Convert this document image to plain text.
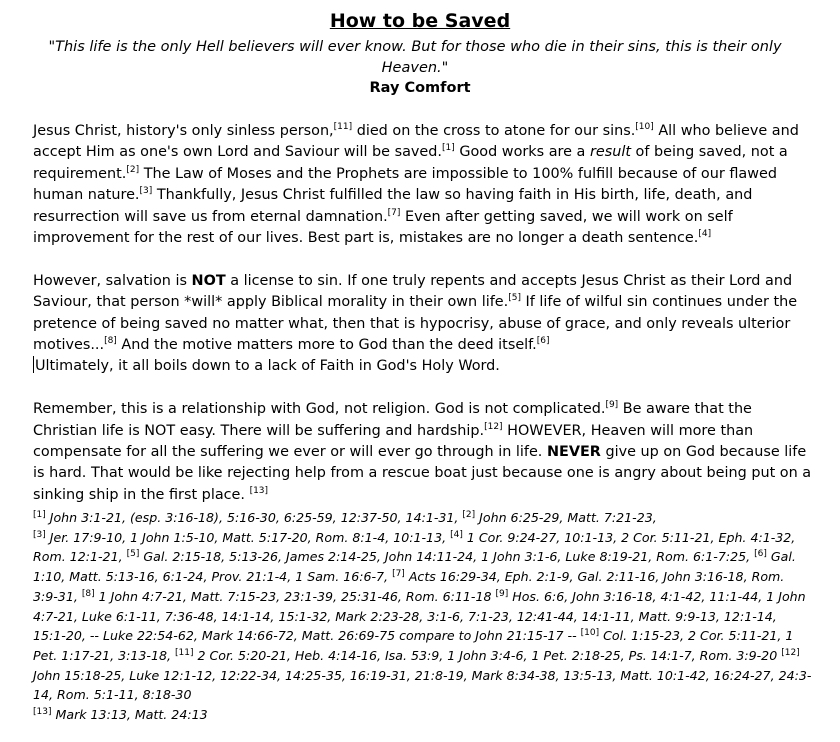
How to be Saved
"This life is the only Hell believers will ever know. But for those who die in their sins, this is their only Heaven."
Ray Comfort

Jesus Christ, history's only sinless person,[11] died on the cross to atone for our sins.[10] All who believe and accept Him as one's own Lord and Saviour will be saved.[1] Good works are a result of being saved, not a requirement.[2] The Law of Moses and the Prophets are impossible to 100% fulfill because of our flawed human nature.[3] Thankfully, Jesus Christ fulfilled the law so having faith in His birth, life, death, and resurrection will save us from eternal damnation.[7] Even after getting saved, we will work on self improvement for the rest of our lives. Best part is, mistakes are no longer a death sentence.[4]

However, salvation is NOT a license to sin. If one truly repents and accepts Jesus Christ as their Lord and Saviour, that person *will* apply Biblical morality in their own life.[5] If life of wilful sin continues under the pretence of being saved no matter what, then that is hypocrisy, abuse of grace, and only reveals ulterior motives...[8] And the motive matters more to God than the deed itself.[6]

Ultimately, it all boils down to a lack of Faith in God's Holy Word.

Remember, this is a relationship with God, not religion. God is not complicated.[9] Be aware that the Christian life is NOT easy. There will be suffering and hardship.[12] HOWEVER, Heaven will more than compensate for all the suffering we ever or will ever go through in life. NEVER give up on God because life is hard. That would be like rejecting help from a rescue boat just because one is angry about being put on a sinking ship in the first place. [13]

[1] John 3:1-21, (esp. 3:16-18), 5:16-30, 6:25-59, 12:37-50, 14:1-31, [2] John 6:25-29, Matt. 7:21-23,
[3] Jer. 17:9-10, 1 John 1:5-10, Matt. 5:17-20, Rom. 8:1-4, 10:1-13, [4] 1 Cor. 9:24-27, 10:1-13, 2 Cor. 5:11-21, Eph. 4:1-32, Rom. 12:1-21, [5] Gal. 2:15-18, 5:13-26, James 2:14-25, John 14:11-24, 1 John 3:1-6, Luke 8:19-21, Rom. 6:1-7:25, [6] Gal. 1:10, Matt. 5:13-16, 6:1-24, Prov. 21:1-4, 1 Sam. 16:6-7, [7] Acts 16:29-34, Eph. 2:1-9, Gal. 2:11-16, John 3:16-18, Rom. 3:9-31, [8] 1 John 4:7-21, Matt. 7:15-23, 23:1-39, 25:31-46, Rom. 6:11-18 [9] Hos. 6:6, John 3:16-18, 4:1-42, 11:1-44, 1 John 4:7-21, Luke 6:1-11, 7:36-48, 14:1-14, 15:1-32, Mark 2:23-28, 3:1-6, 7:1-23, 12:41-44, 14:1-11, Matt. 9:9-13, 12:1-14, 15:1-20, -- Luke 22:54-62, Mark 14:66-72, Matt. 26:69-75 compare to John 21:15-17 -- [10] Col. 1:15-23, 2 Cor. 5:11-21, 1 Pet. 1:17-21, 3:13-18, [11] 2 Cor. 5:20-21, Heb. 4:14-16, Isa. 53:9, 1 John 3:4-6, 1 Pet. 2:18-25, Ps. 14:1-7, Rom. 3:9-20 [12] John 15:18-25, Luke 12:1-12, 12:22-34, 14:25-35, 16:19-31, 21:8-19, Mark 8:34-38, 13:5-13, Matt. 10:1-42, 16:24-27, 24:3-14, Rom. 5:1-11, 8:18-30
[13] Mark 13:13, Matt. 24:13
